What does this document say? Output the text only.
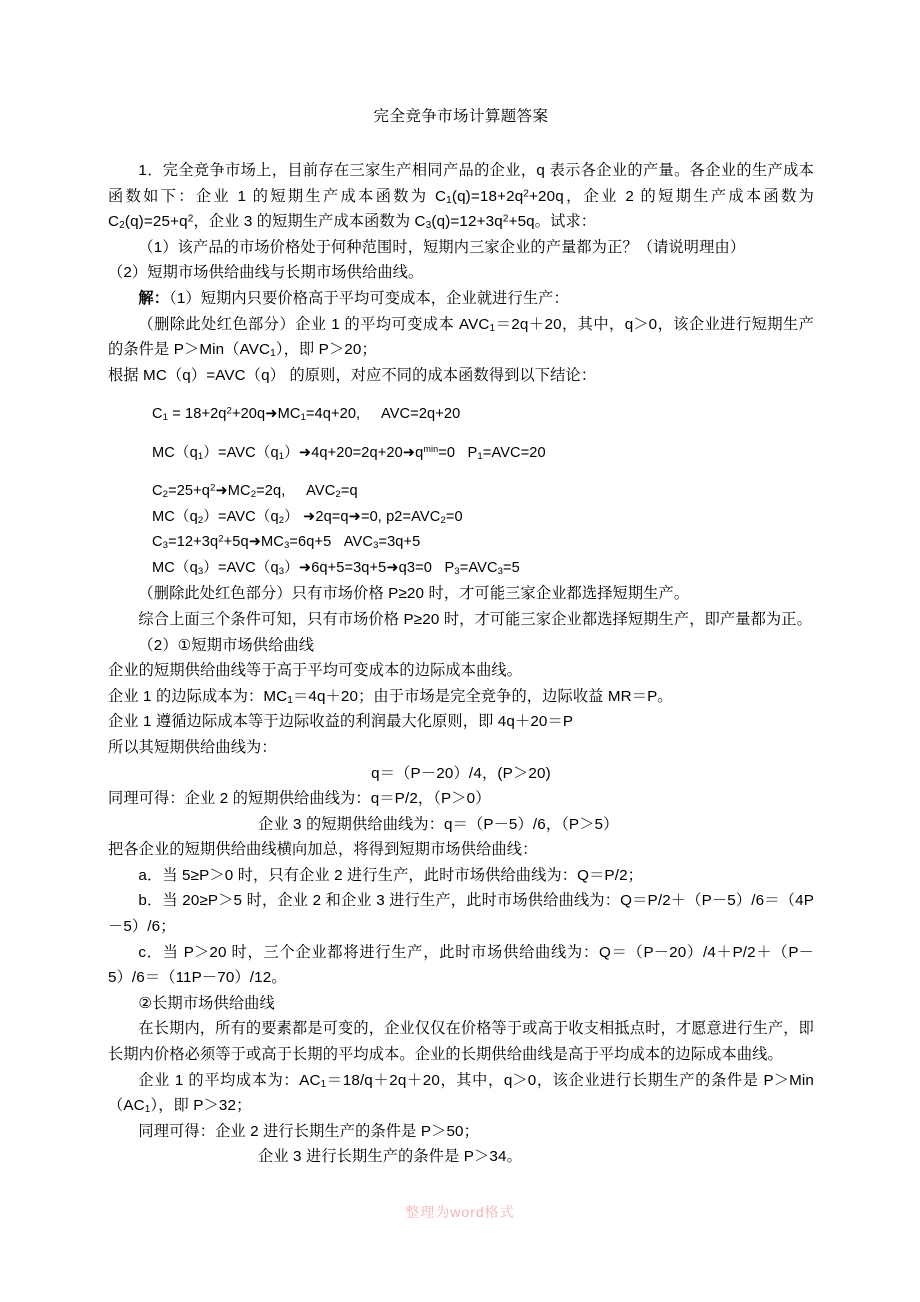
完全竞争市场计算题答案
1．完全竞争市场上，目前存在三家生产相同产品的企业，q 表示各企业的产量。各企业的生产成本函数如下：企业 1 的短期生产成本函数为 $C_1(q)=18+2q^2+20q$，企业 2 的短期生产成本函数为 $C_2(q)=25+q^2$，企业 3 的短期生产成本函数为 $C_3(q)=12+3q^2+5q$。试求：
（1）该产品的市场价格处于何种范围时，短期内三家企业的产量都为正？（请说明理由）
（2）短期市场供给曲线与长期市场供给曲线。
解：（1）短期内只要价格高于平均可变成本，企业就进行生产：
（删除此处红色部分）企业 1 的平均可变成本 $AVC_1=2q+20$，其中，q＞0，该企业进行短期生产的条件是 $P>Min(AVC_1)$，即 P＞20；
根据 MC（q）=AVC（q） 的原则，对应不同的成本函数得到以下结论：
$C_1$ = $18+2q^2+20q➜MC_1=4q+20$, AVC=2q+20
$MC(q_1)=AVC(q_1)➜4q+20=2q+20➜q^{min}=0$ $P_1=AVC=20$
$C_2=25+q^2➜MC_2=2q$, $AVC_2=q$
$MC(q_2)=AVC(q_2)$ ➜2q=q➜=0, $p2=AVC_2=0$
$C_3=12+3q^2+5q➜MC_3=6q+5$ $AVC_3=3q+5$
$MC(q_3)=AVC(q_3)➜6q+5=3q+5➜q3=0$ $P_3=AVC_3=5$
（删除此处红色部分）只有市场价格 P≥20 时，才可能三家企业都选择短期生产。
综合上面三个条件可知，只有市场价格 P≥20 时，才可能三家企业都选择短期生产，即产量都为正。
（2）①短期市场供给曲线
企业的短期供给曲线等于高于平均可变成本的边际成本曲线。
企业 1 的边际成本为：$MC_1=4q+20$；由于市场是完全竞争的，边际收益 MR＝P。
企业 1 遵循边际成本等于边际收益的利润最大化原则，即 4q＋20＝P
所以其短期供给曲线为：
q＝（P－20）/4，(P＞20)
同理可得：企业 2 的短期供给曲线为：q＝P/2，（P＞0）
企业 3 的短期供给曲线为：q＝（P－5）/6，（P＞5）
把各企业的短期供给曲线横向加总，将得到短期市场供给曲线：
a．当 5≥P＞0 时，只有企业 2 进行生产，此时市场供给曲线为：Q＝P/2；
b．当 20≥P＞5 时，企业 2 和企业 3 进行生产，此时市场供给曲线为：Q＝P/2＋（P－5）/6＝（4P－5）/6；
c．当 P＞20 时，三个企业都将进行生产，此时市场供给曲线为：Q＝（P－20）/4＋P/2＋（P－5）/6＝（11P－70）/12。
②长期市场供给曲线
在长期内，所有的要素都是可变的，企业仅仅在价格等于或高于收支相抵点时，才愿意进行生产，即长期内价格必须等于或高于长期的平均成本。企业的长期供给曲线是高于平均成本的边际成本曲线。
企业 1 的平均成本为：$AC_1=18/q+2q+20$，其中，q＞0，该企业进行长期生产的条件是 $P>Min(AC_1)$，即 P＞32；
同理可得：企业 2 进行长期生产的条件是 P＞50；
企业 3 进行长期生产的条件是 P＞34。
整理为word格式
